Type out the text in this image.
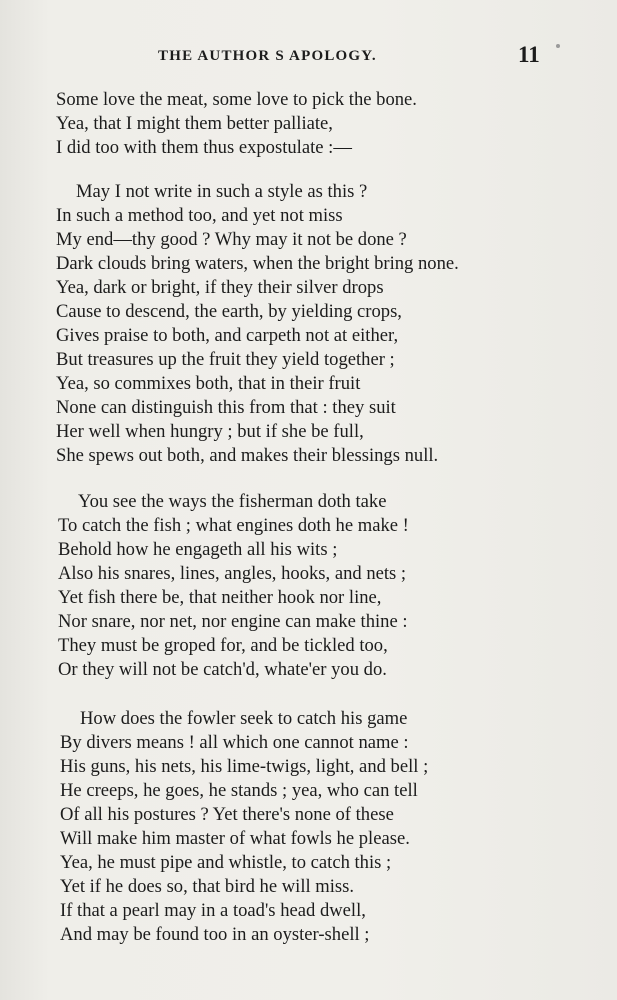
THE AUTHOR S APOLOGY.	11
Some love the meat, some love to pick the bone.
Yea, that I might them better palliate,
I did too with them thus expostulate :—
May I not write in such a style as this ?
In such a method too, and yet not miss
My end—thy good ? Why may it not be done ?
Dark clouds bring waters, when the bright bring none.
Yea, dark or bright, if they their silver drops
Cause to descend, the earth, by yielding crops,
Gives praise to both, and carpeth not at either,
But treasures up the fruit they yield together ;
Yea, so commixes both, that in their fruit
None can distinguish this from that : they suit
Her well when hungry ; but if she be full,
She spews out both, and makes their blessings null.
You see the ways the fisherman doth take
To catch the fish ; what engines doth he make !
Behold how he engageth all his wits ;
Also his snares, lines, angles, hooks, and nets ;
Yet fish there be, that neither hook nor line,
Nor snare, nor net, nor engine can make thine :
They must be groped for, and be tickled too,
Or they will not be catch'd, whate'er you do.
How does the fowler seek to catch his game
By divers means ! all which one cannot name :
His guns, his nets, his lime-twigs, light, and bell ;
He creeps, he goes, he stands ; yea, who can tell
Of all his postures ? Yet there's none of these
Will make him master of what fowls he please.
Yea, he must pipe and whistle, to catch this ;
Yet if he does so, that bird he will miss.
If that a pearl may in a toad's head dwell,
And may be found too in an oyster-shell ;
